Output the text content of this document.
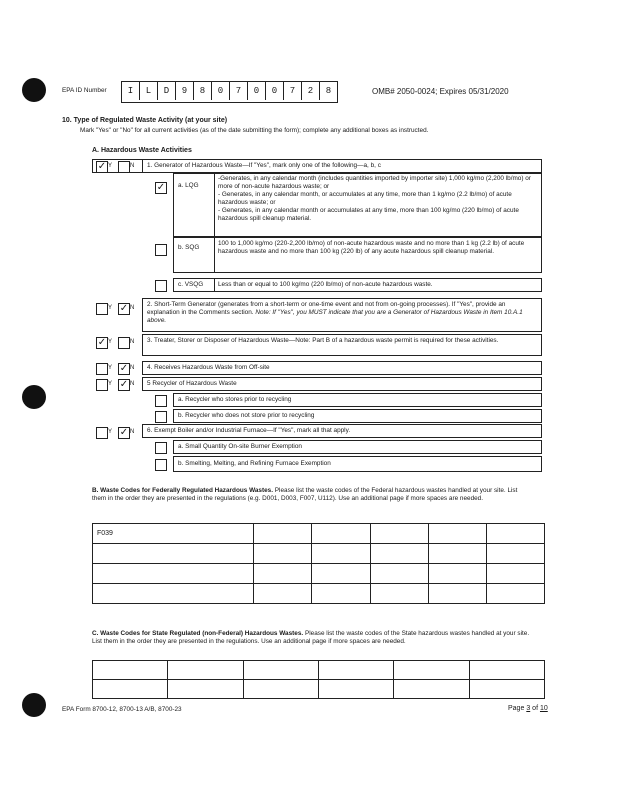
EPA ID Number	I	L	D	9	8	0	7	0	0	7	2	8	OMB# 2050-0024; Expires 05/31/2020
10. Type of Regulated Waste Activity (at your site)
Mark "Yes" or "No" for all current activities (as of the date submitting the form); complete any additional boxes as instructed.
A. Hazardous Waste Activities
✓ Y	N 1. Generator of Hazardous Waste—If "Yes", mark only one of the following—a, b, c
✓ a. LQG
-Generates, in any calendar month (includes quantities imported by importer site) 1,000 kg/mo (2,200 lb/mo) or more of non-acute hazardous waste; or
- Generates, in any calendar month, or accumulates at any time, more than 1 kg/mo (2.2 lb/mo) of acute hazardous waste; or
- Generates, in any calendar month or accumulates at any time, more than 100 kg/mo (220 lb/mo) of acute hazardous spill cleanup material.
b. SQG
100 to 1,000 kg/mo (220-2,200 lb/mo) of non-acute hazardous waste and no more than 1 kg (2.2 lb) of acute hazardous waste and no more than 100 kg (220 lb) of any acute hazardous spill cleanup material.
c. VSQG Less than or equal to 100 kg/mo (220 lb/mo) of non-acute hazardous waste.
Y ✓ N 2. Short-Term Generator (generates from a short-term or one-time event and not from on-going processes). If "Yes", provide an explanation in the Comments section. Note: If "Yes", you MUST indicate that you are a Generator of Hazardous Waste in Item 10.A.1 above.
✓ Y	N 3. Treater, Storer or Disposer of Hazardous Waste—Note: Part B of a hazardous waste permit is required for these activities.
Y ✓ N 4. Receives Hazardous Waste from Off-site
Y ✓ N 5 Recycler of Hazardous Waste
a. Recycler who stores prior to recycling
b. Recycler who does not store prior to recycling
Y ✓ N 6. Exempt Boiler and/or Industrial Furnace—If "Yes", mark all that apply.
a. Small Quantity On-site Burner Exemption
b. Smelting, Melting, and Refining Furnace Exemption
B. Waste Codes for Federally Regulated Hazardous Wastes. Please list the waste codes of the Federal hazardous wastes handled at your site. List them in the order they are presented in the regulations (e.g. D001, D003, F007, U112). Use an additional page if more spaces are needed.
F039					

C. Waste Codes for State Regulated (non-Federal) Hazardous Wastes. Please list the waste codes of the State hazardous wastes handled at your site. List them in the order they are presented in the regulations. Use an additional page if more spaces are needed.

EPA Form 8700-12, 8700-13 A/B, 8700-23	Page 3 of 10
